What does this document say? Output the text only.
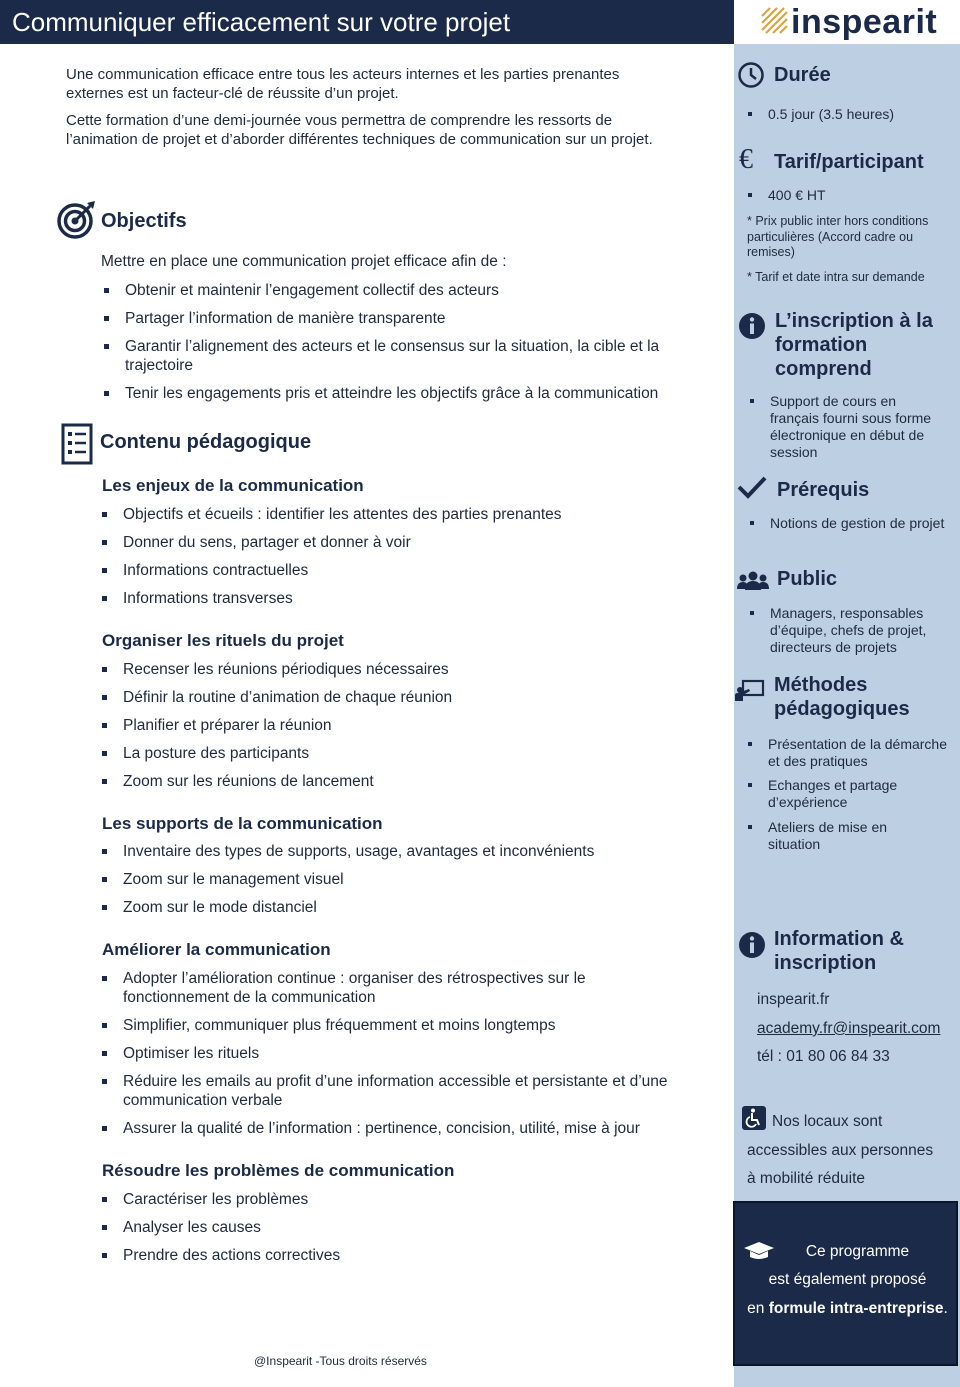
Communiquer efficacement sur votre projet	inspearit

Une communication efficace entre tous les acteurs internes et les parties prenantes externes est un facteur-clé de réussite d’un projet.

Cette formation d’une demi-journée vous permettra de comprendre les ressorts de l’animation de projet et d’aborder différentes techniques de communication sur un projet.

Objectifs
Mettre en place une communication projet efficace afin de :
Obtenir et maintenir l’engagement collectif des acteurs
Partager l’information de manière transparente
Garantir l’alignement des acteurs et le consensus sur la situation, la cible et la trajectoire
Tenir les engagements pris et atteindre les objectifs grâce à la communication
Contenu pédagogique
Les enjeux de la communication
Objectifs et écueils : identifier les attentes des parties prenantes
Donner du sens, partager et donner à voir
Informations contractuelles
Informations transverses
Organiser les rituels du projet
Recenser les réunions périodiques nécessaires
Définir la routine d’animation de chaque réunion
Planifier et préparer la réunion
La posture des participants
Zoom sur les réunions de lancement
Les supports de la communication
Inventaire des types de supports, usage, avantages et inconvénients
Zoom sur le management visuel
Zoom sur le mode distanciel
Améliorer la communication
Adopter l’amélioration continue : organiser des rétrospectives sur le fonctionnement de la communication
Simplifier, communiquer plus fréquemment et moins longtemps
Optimiser les rituels
Réduire les emails au profit d’une information accessible et persistante et d’une communication verbale
Assurer la qualité de l’information : pertinence, concision, utilité, mise à jour
Résoudre les problèmes de communication
Caractériser les problèmes
Analyser les causes
Prendre des actions correctives
Durée
0.5 jour (3.5 heures)
€ Tarif/participant
400 € HT
* Prix public inter hors conditions particulières (Accord cadre ou remises)
* Tarif et date intra sur demande
L’inscription à la formation comprend
Support de cours en français fourni sous forme électronique en début de session
Prérequis
Notions de gestion de projet
Public
Managers, responsables d’équipe, chefs de projet, directeurs de projets
Méthodes pédagogiques
Présentation de la démarche et des pratiques
Echanges et partage d’expérience
Ateliers de mise en situation
Information & inscription
inspearit.fr
academy.fr@inspearit.com
tél : 01 80 06 84 33
Nos locaux sont
accessibles aux personnes
à mobilité réduite
Ce programme
est également proposé
en formule intra-entreprise.
@Inspearit -Tous droits réservés
